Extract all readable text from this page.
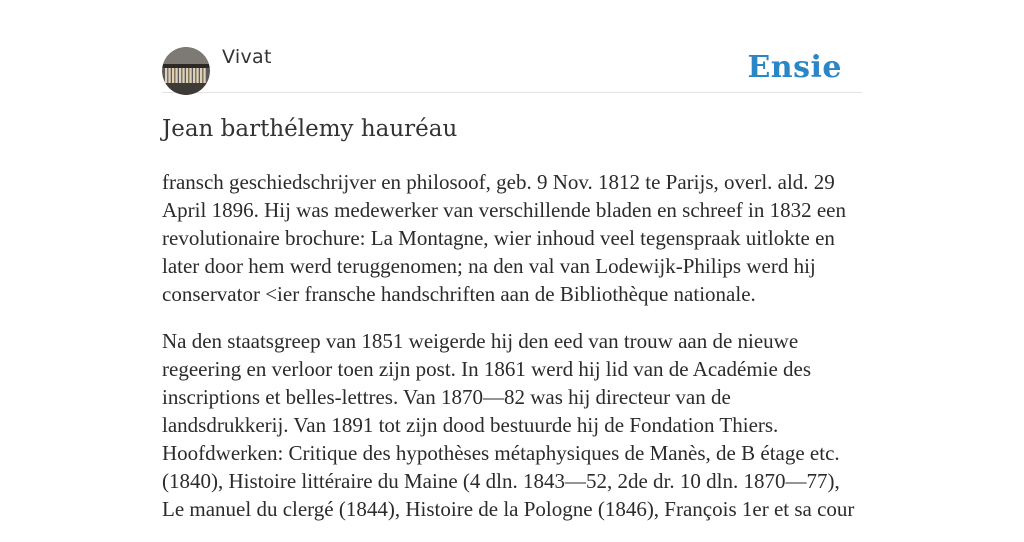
Vivat	Ensie
Jean barthélemy hauréau

fransch geschiedschrijver en philosoof, geb. 9 Nov. 1812 te Parijs, overl. ald. 29 April 1896. Hij was medewerker van verschillende bladen en schreef in 1832 een revolutionaire brochure: La Montagne, wier inhoud veel tegenspraak uitlokte en later door hem werd teruggenomen; na den val van Lodewijk-Philips werd hij conservator <ier fransche handschriften aan de Bibliothèque nationale.

Na den staatsgreep van 1851 weigerde hij den eed van trouw aan de nieuwe regeering en verloor toen zijn post. In 1861 werd hij lid van de Académie des inscriptions et belles-lettres. Van 1870—82 was hij directeur van de landsdrukkerij. Van 1891 tot zijn dood bestuurde hij de Fondation Thiers. Hoofdwerken: Critique des hypothèses métaphysiques de Manès, de B étage etc. (1840), Histoire littéraire du Maine (4 dln. 1843—52, 2de dr. 10 dln. 1870—77), Le manuel du clergé (1844), Histoire de la Pologne (1846), François 1er et sa cour
